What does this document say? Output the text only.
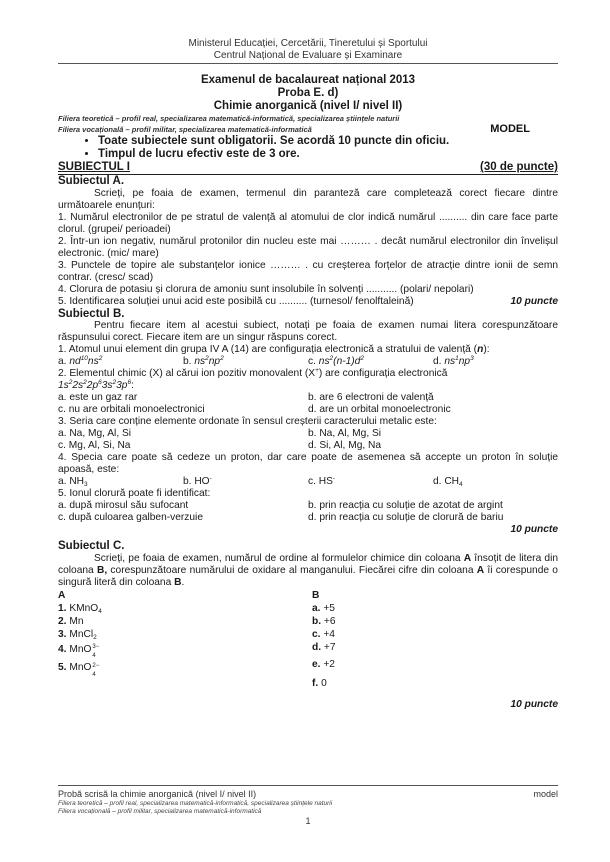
Ministerul Educației, Cercetării, Tineretului și Sportului
Centrul Național de Evaluare și Examinare
Examenul de bacalaureat național 2013
Proba E. d)
Chimie anorganică (nivel I/ nivel II)
Filiera teoretică – profil real, specializarea matematică-informatică, specializarea științele naturii
Filiera vocațională – profil militar, specializarea matematică-informatică	MODEL
• Toate subiectele sunt obligatorii. Se acordă 10 puncte din oficiu.
• Timpul de lucru efectiv este de 3 ore.
SUBIECTUL I	(30 de puncte)
Subiectul A.
Scrieți, pe foaia de examen, termenul din paranteză care completează corect fiecare dintre următoarele enunțuri:
1. Numărul electronilor de pe stratul de valență al atomului de clor indică numărul .......... din care face parte clorul. (grupei/ perioadei)
2. Într-un ion negativ, numărul protonilor din nucleu este mai ……… . decât numărul electronilor din învelișul electronic. (mic/ mare)
3. Punctele de topire ale substanțelor ionice ……… . cu creșterea forțelor de atracție dintre ionii de semn contrar. (cresc/ scad)
4. Clorura de potasiu și clorura de amoniu sunt insolubile în solvenți ........... (polari/ nepolari)
5. Identificarea soluției unui acid este posibilă cu .......... (turnesol/ fenolftaleină)	10 puncte
Subiectul B.
Pentru fiecare item al acestui subiect, notați pe foaia de examen numai litera corespunzătoare răspunsului corect. Fiecare item are un singur răspuns corect.
1. Atomul unui element din grupa IV A (14) are configurația electronică a stratului de valență (n):
a. $nd^{10}ns^2$	b. $ns^2np^2$	c. $ns^2(n-1)d^2$	d. $ns^1np^3$
2. Elementul chimic (X) al cărui ion pozitiv monovalent (X+) are configurația electronică
$1s^22s^22p^63s^23p^6$:
a. este un gaz rar	b. are 6 electroni de valență
c. nu are orbitali monoelectronici	d. are un orbital monoelectronic
3. Seria care conține elemente ordonate în sensul creșterii caracterului metalic este:
a. Na, Mg, Al, Si	b. Na, Al, Mg, Si
c. Mg, Al, Si, Na	d. Si, Al, Mg, Na
4. Specia care poate să cedeze un proton, dar care poate de asemenea să accepte un proton în soluție apoasă, este:
a. $NH_3$	b. HO-	c. HS-	d. $CH_4$
5. Ionul clorură poate fi identificat:
a. după mirosul său sufocant	b. prin reacția cu soluție de azotat de argint
c. după culoarea galben-verzuie	d. prin reacția cu soluție de clorură de bariu
10 puncte
Subiectul C.
Scrieți, pe foaia de examen, numărul de ordine al formulelor chimice din coloana A însoțit de litera din coloana B, corespunzătoare numărului de oxidare al manganului. Fiecărei cifre din coloana A îi corespunde o singură literă din coloana B.
A
1. KMnO$_4$
2. Mn
3. MnCl$_2$
4. MnO 3−
4
5. MnO 2−
4
B
a. +5
b. +6
c. +4
d. +7
e. +2
f. 0
10 puncte
Probă scrisă la chimie anorganică (nivel I/ nivel II)	model
Filiera teoretică – profil real, specializarea matematică-informatică, specializarea științele naturii
Filiera vocațională – profil militar, specializarea matematică-informatică
1
